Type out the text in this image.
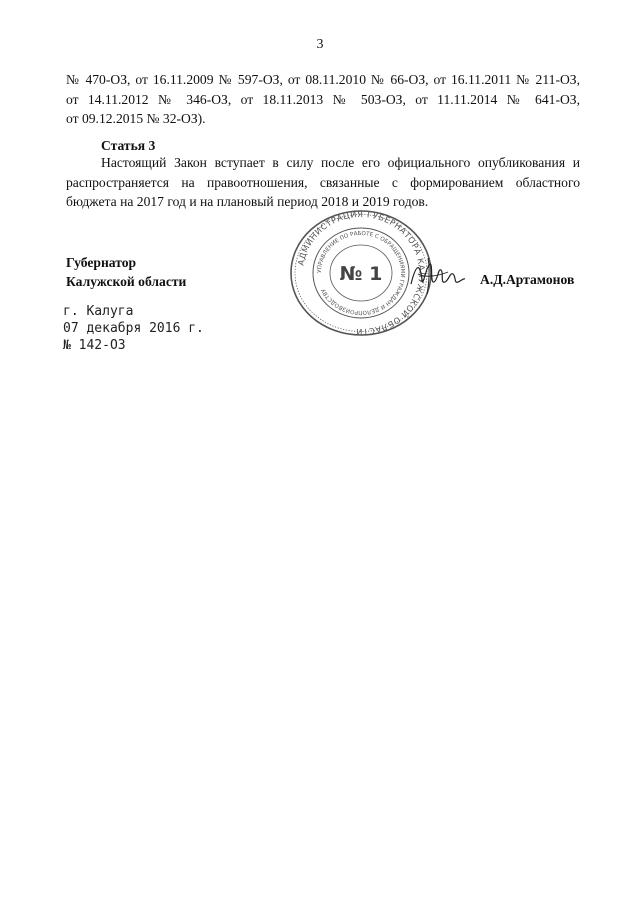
3
№ 470-ОЗ, от 16.11.2009 № 597-ОЗ, от 08.11.2010 № 66-ОЗ, от 16.11.2011 № 211-ОЗ,
от 14.11.2012 № 346-ОЗ, от 18.11.2013 № 503-ОЗ, от 11.11.2014 № 641-ОЗ,
от 09.12.2015 № 32-ОЗ).
Статья 3
Настоящий Закон вступает в силу после его официального опубликования и
распространяется на правоотношения, связанные с формированием областного
бюджета на 2017 год и на плановый период 2018 и 2019 годов.
Губернатор
Калужской области	А.Д.Артамонов
АДМИНИСТРАЦИЯ ГУБЕРНАТОРА КАЛУЖСКОЙ ОБЛАСТИ
УПРАВЛЕНИЕ ПО РАБОТЕ С ОБРАЩЕНИЯМИ ГРАЖДАН И ДЕЛОПРОИЗВОДСТВУ
№ 1
г. Калуга
07 декабря 2016 г.
№ 142-ОЗ
